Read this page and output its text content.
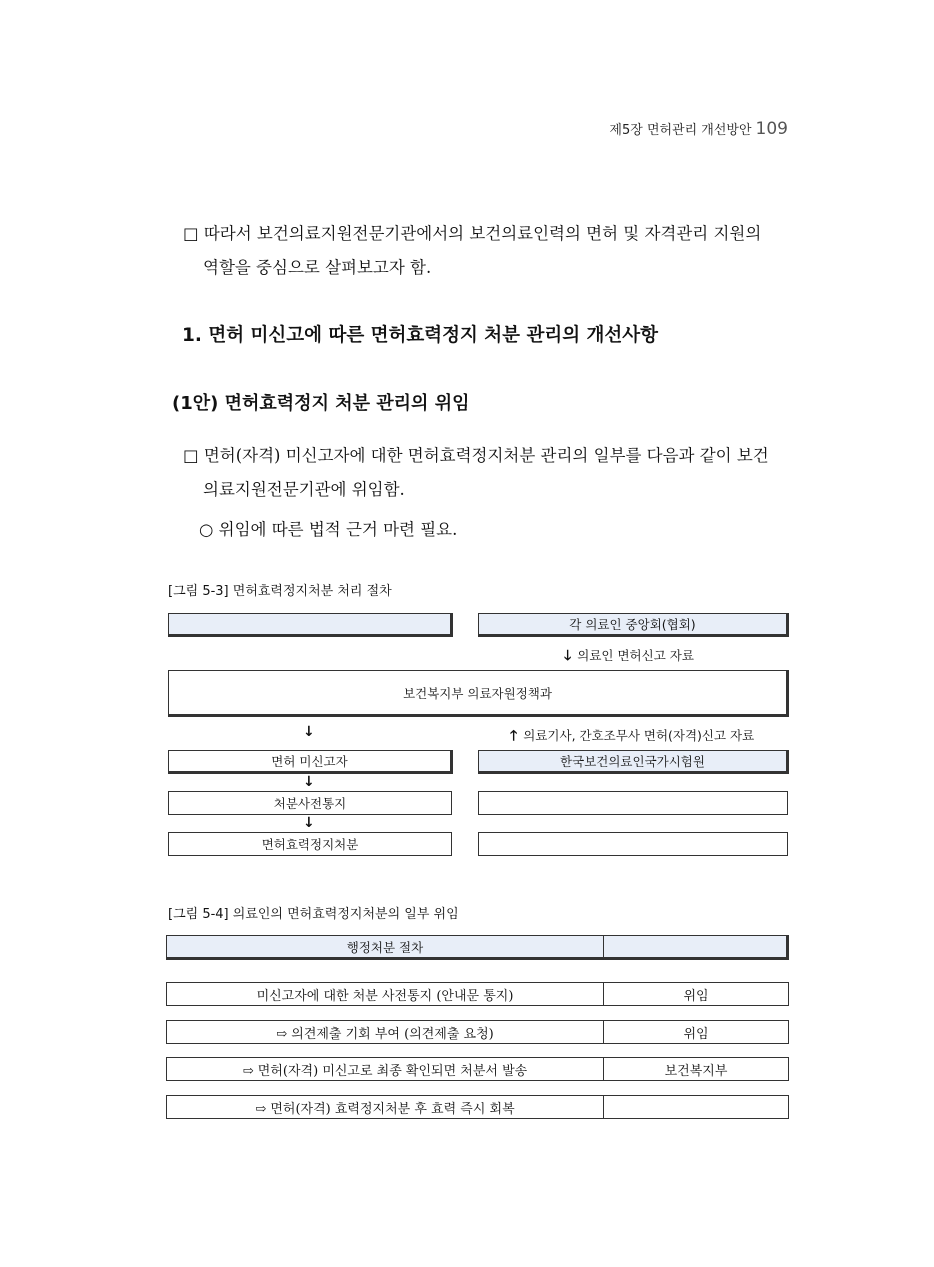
제5장 면허관리 개선방안 109
□ 따라서 보건의료지원전문기관에서의 보건의료인력의 면허 및 자격관리 지원의
역할을 중심으로 살펴보고자 함.
1. 면허 미신고에 따른 면허효력정지 처분 관리의 개선사항
(1안) 면허효력정지 처분 관리의 위임
□ 면허(자격) 미신고자에 대한 면허효력정지처분 관리의 일부를 다음과 같이 보건
의료지원전문기관에 위임함.
○ 위임에 따른 법적 근거 마련 필요.
[그림 5-3] 면허효력정지처분 처리 절차
각 의료인 중앙회(협회)
🡓 의료인 면허신고 자료
보건복지부 의료자원정책과
↓	🡑 의료기사, 간호조무사 면허(자격)신고 자료
면허 미신고자	한국보건의료인국가시험원
↓
처분사전통지
↓
면허효력정지처분
[그림 5-4] 의료인의 면허효력정지처분의 일부 위임
행정처분 절차
미신고자에 대한 처분 사전통지 (안내문 통지)	위임
⇨ 의견제출 기회 부여 (의견제출 요청)	위임
⇨ 면허(자격) 미신고로 최종 확인되면 처분서 발송	보건복지부
⇨ 면허(자격) 효력정지처분 후 효력 즉시 회복
